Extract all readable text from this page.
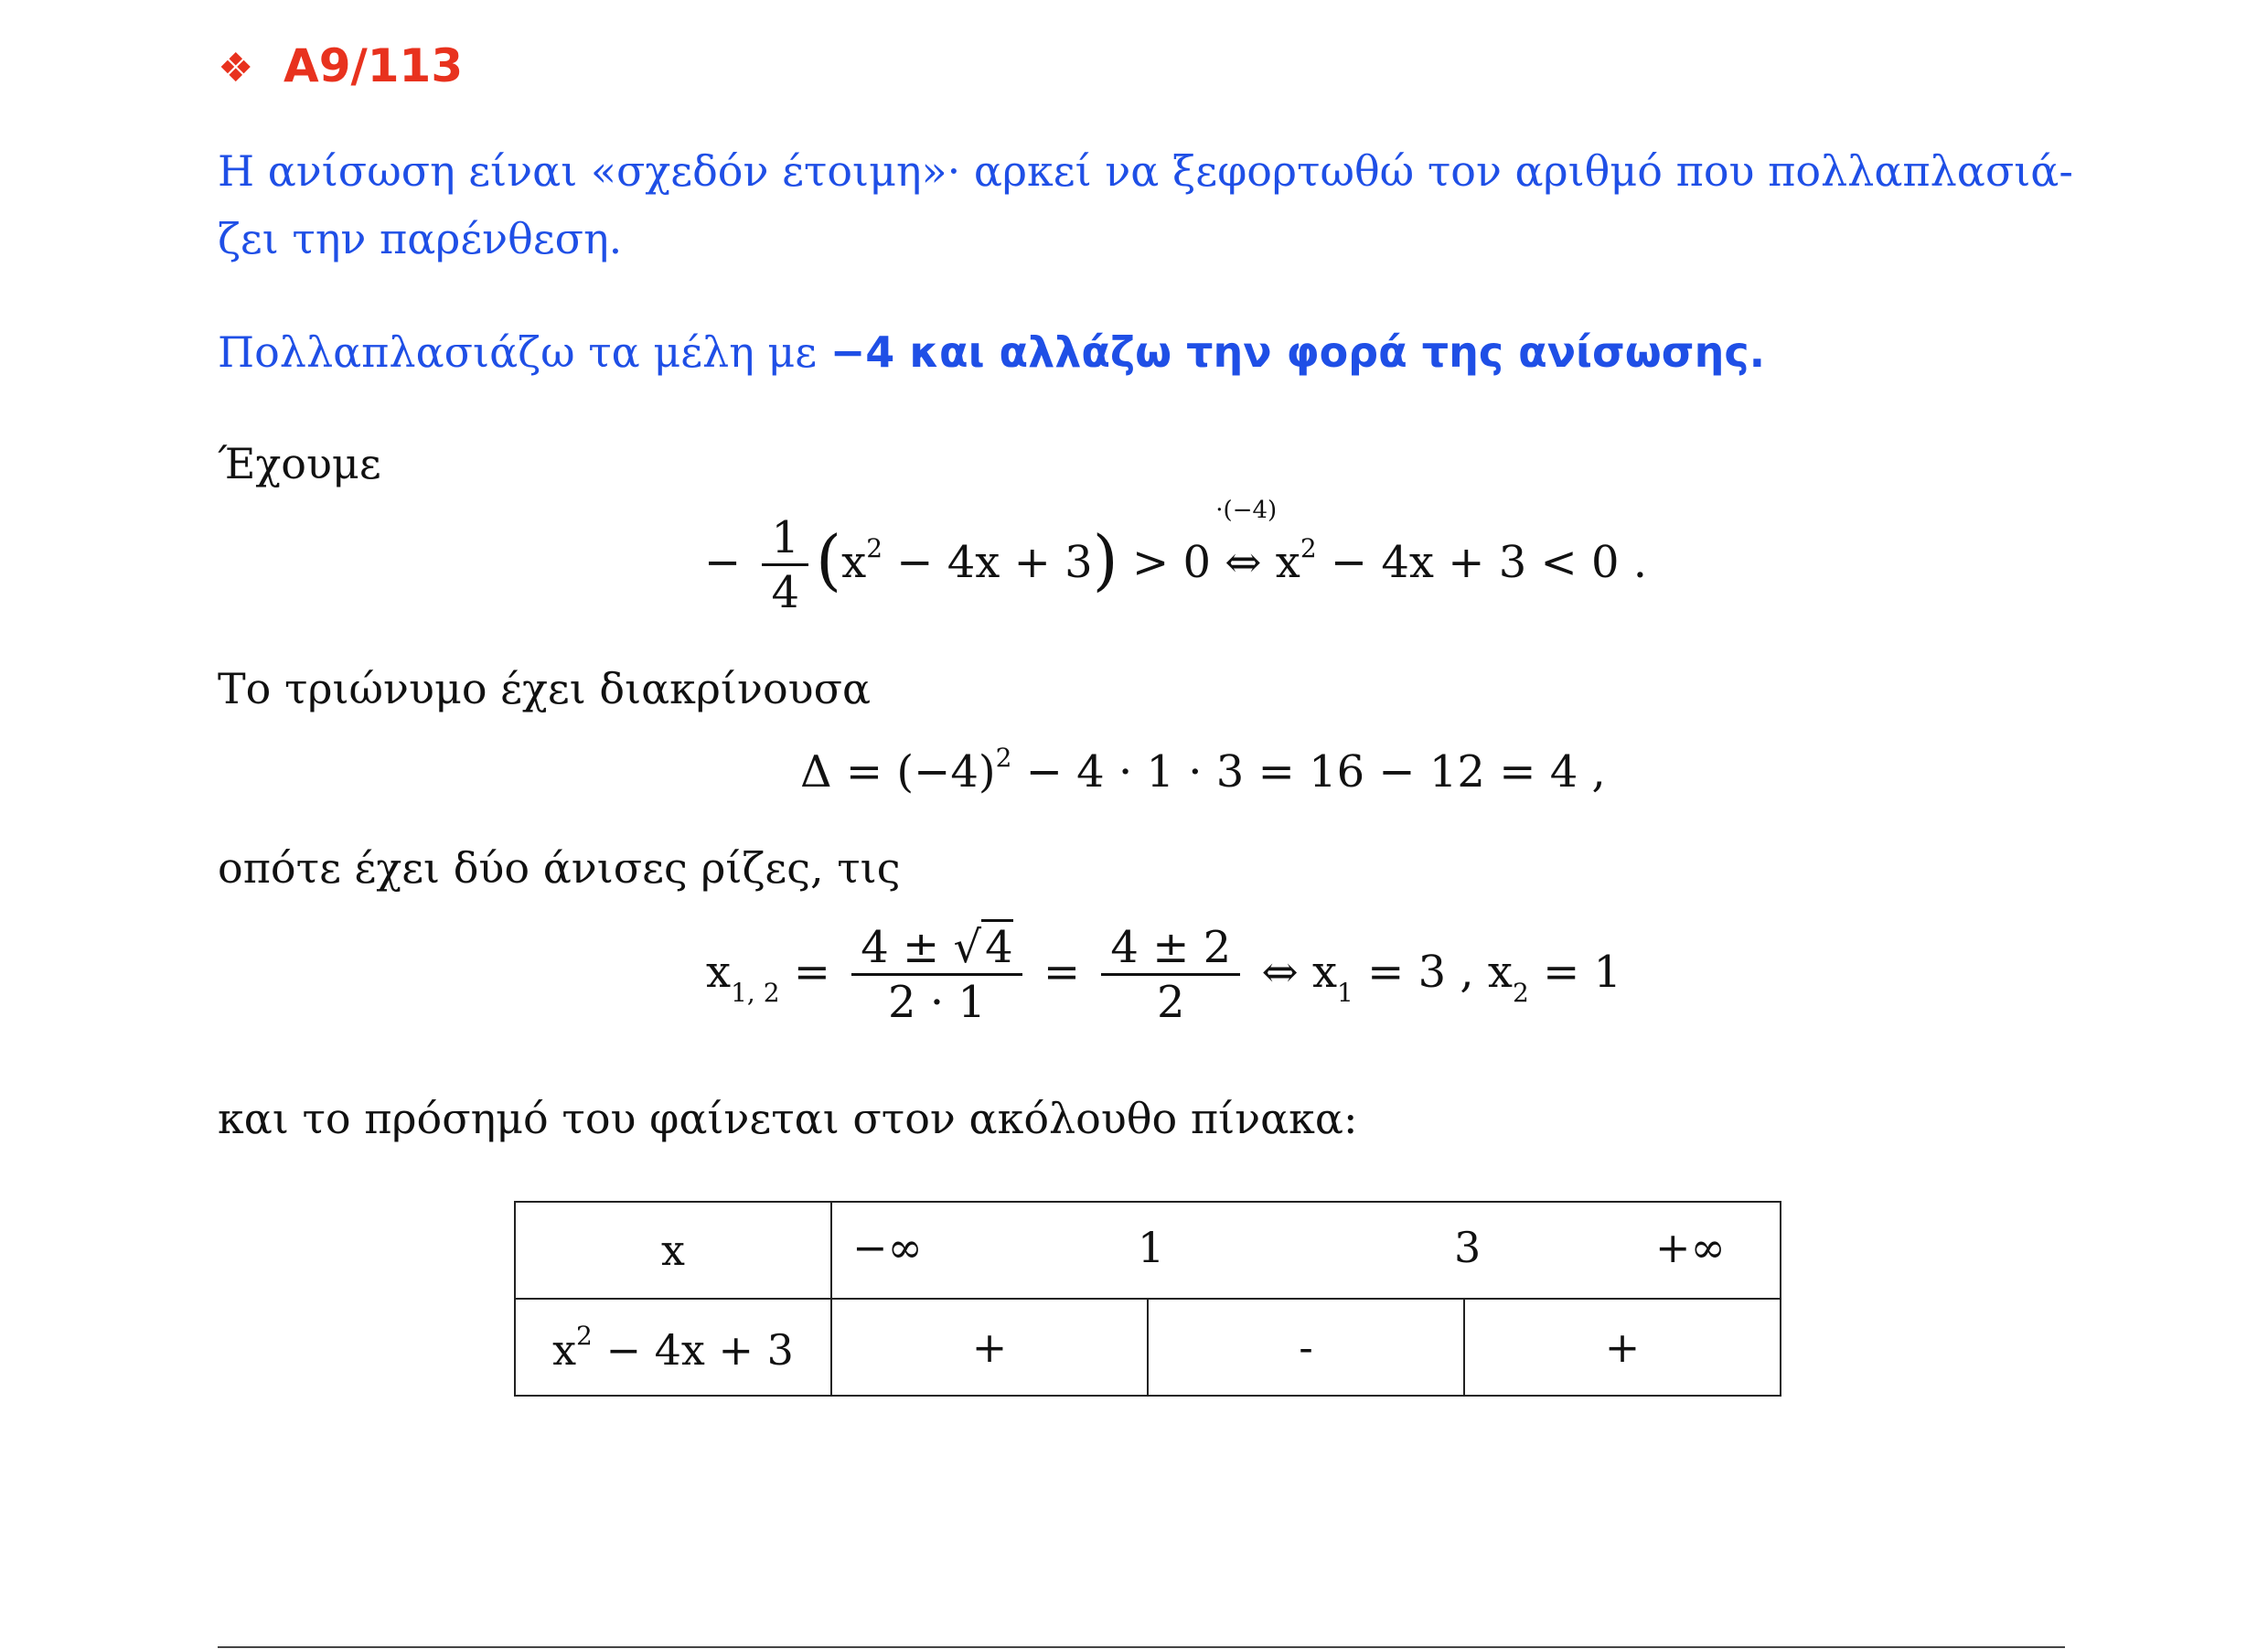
❖ A9/113
Η ανίσωση είναι «σχεδόν έτοιμη»· αρκεί να ξεφορτωθώ τον αριθμό που πολλαπλασιά-
ζει την παρένθεση.
Πολλαπλασιάζω τα μέλη με −4 και αλλάζω την φορά της ανίσωσης.
Έχουμε
− $\frac{1}{4} (x^2 - 4x + 3) > 0$
·(−4)
⇔ $x^2 - 4x + 3 < 0$ .
Το τριώνυμο έχει διακρίνουσα
$\Delta = (-4)^2 - 4 \cdot 1 \cdot 3 = 16 - 12 = 4$ ,
οπότε έχει δύο άνισες ρίζες, τις
$x_{1, 2} = \frac{4 \pm √4}{2 \cdot 1} = \frac{4 \pm 2}{2}$ ⇔ $x_1 = 3$ , $x_2 = 1$
και το πρόσημό του φαίνεται στον ακόλουθο πίνακα:
x	−∞ 1 3 +∞		

$x^2 - 4x + 3$	+	-	+
